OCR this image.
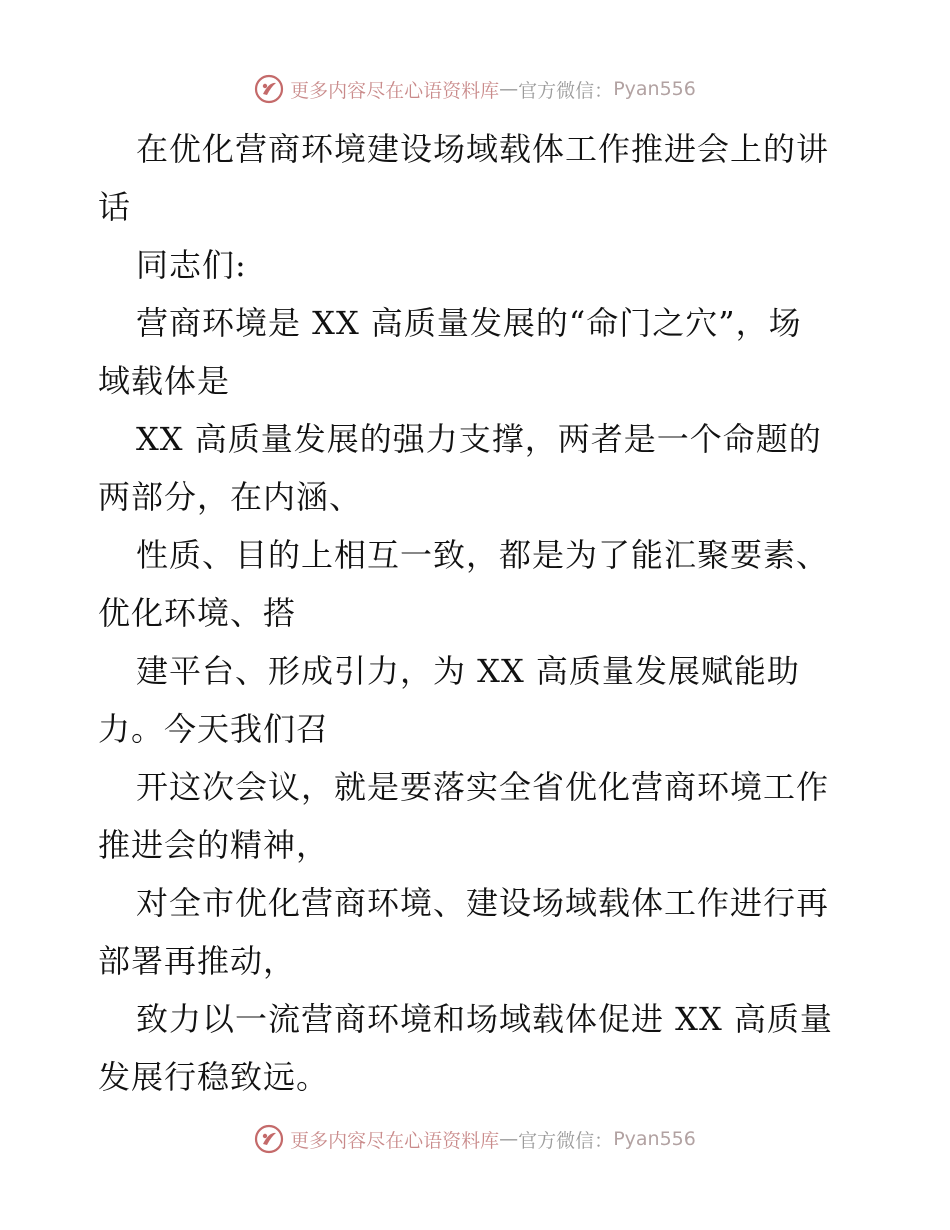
更多内容尽在心语资料库 — 官方微信： Pyan556
在优化营商环境建设场域载体工作推进会上的讲
话
同志们:
营商环境是 XX 高质量发展的“命门之穴”，场
域载体是
XX 高质量发展的强力支撑，两者是一个命题的
两部分，在内涵、
性质、目的上相互一致，都是为了能汇聚要素、
优化环境、搭
建平台、形成引力，为 XX 高质量发展赋能助
力。今天我们召
开这次会议，就是要落实全省优化营商环境工作
推进会的精神，
对全市优化营商环境、建设场域载体工作进行再
部署再推动，
致力以一流营商环境和场域载体促进 XX 高质量
发展行稳致远。
更多内容尽在心语资料库 — 官方微信： Pyan556
